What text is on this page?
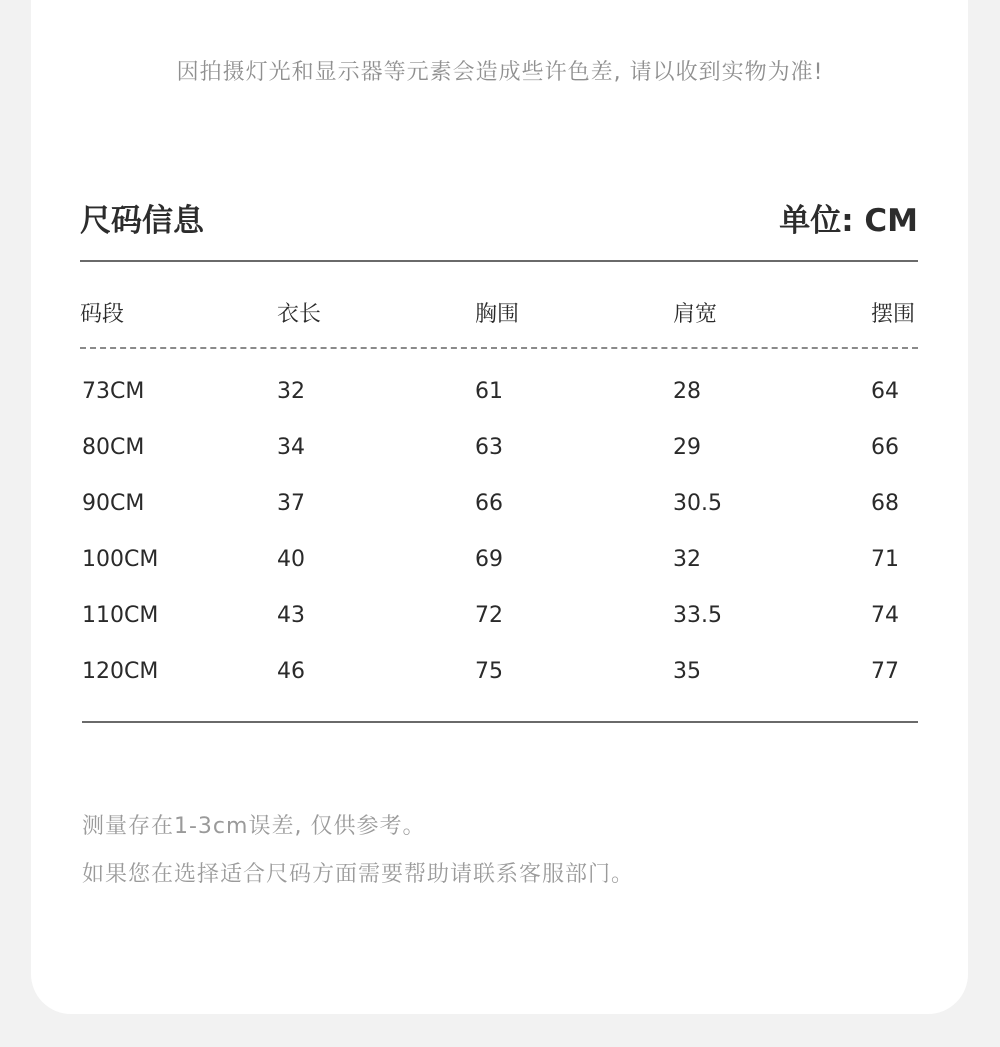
因拍摄灯光和显示器等元素会造成些许色差, 请以收到实物为准!
尺码信息	单位: CM
码段	衣长	胸围	肩宽	摆围
73CM	32	61	28	64
80CM	34	63	29	66
90CM	37	66	30.5	68
100CM	40	69	32	71
110CM	43	72	33.5	74
120CM	46	75	35	77
测量存在1-3cm误差, 仅供参考。
如果您在选择适合尺码方面需要帮助请联系客服部门。
